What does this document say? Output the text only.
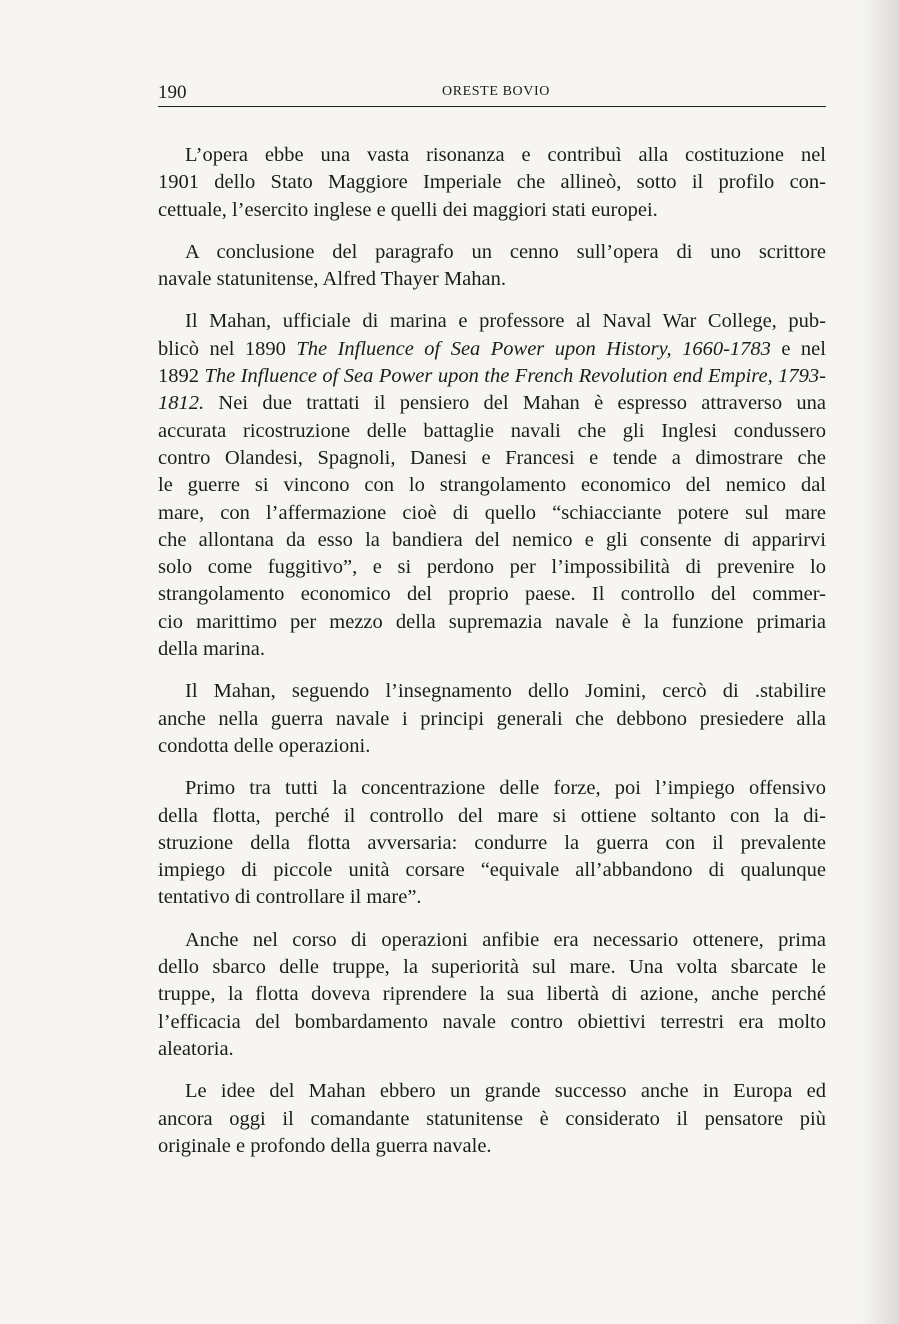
190	ORESTE BOVIO

L’opera ebbe una vasta risonanza e contribuì alla costituzione nel
1901 dello Stato Maggiore Imperiale che allineò, sotto il profilo con-
cettuale, l’esercito inglese e quelli dei maggiori stati europei.

A conclusione del paragrafo un cenno sull’opera di uno scrittore
navale statunitense, Alfred Thayer Mahan.

Il Mahan, ufficiale di marina e professore al Naval War College, pub-
blicò nel 1890 The Influence of Sea Power upon History, 1660-1783 e nel
1892 The Influence of Sea Power upon the French Revolution end Empire, 1793-
1812. Nei due trattati il pensiero del Mahan è espresso attraverso una
accurata ricostruzione delle battaglie navali che gli Inglesi condussero
contro Olandesi, Spagnoli, Danesi e Francesi e tende a dimostrare che
le guerre si vincono con lo strangolamento economico del nemico dal
mare, con l’affermazione cioè di quello “schiacciante potere sul mare
che allontana da esso la bandiera del nemico e gli consente di apparirvi
solo come fuggitivo”, e si perdono per l’impossibilità di prevenire lo
strangolamento economico del proprio paese. Il controllo del commer-
cio marittimo per mezzo della supremazia navale è la funzione primaria
della marina.

Il Mahan, seguendo l’insegnamento dello Jomini, cercò di .stabilire
anche nella guerra navale i principi generali che debbono presiedere alla
condotta delle operazioni.

Primo tra tutti la concentrazione delle forze, poi l’impiego offensivo
della flotta, perché il controllo del mare si ottiene soltanto con la di-
struzione della flotta avversaria: condurre la guerra con il prevalente
impiego di piccole unità corsare “equivale all’abbandono di qualunque
tentativo di controllare il mare”.

Anche nel corso di operazioni anfibie era necessario ottenere, prima
dello sbarco delle truppe, la superiorità sul mare. Una volta sbarcate le
truppe, la flotta doveva riprendere la sua libertà di azione, anche perché
l’efficacia del bombardamento navale contro obiettivi terrestri era molto
aleatoria.

Le idee del Mahan ebbero un grande successo anche in Europa ed
ancora oggi il comandante statunitense è considerato il pensatore più
originale e profondo della guerra navale.
